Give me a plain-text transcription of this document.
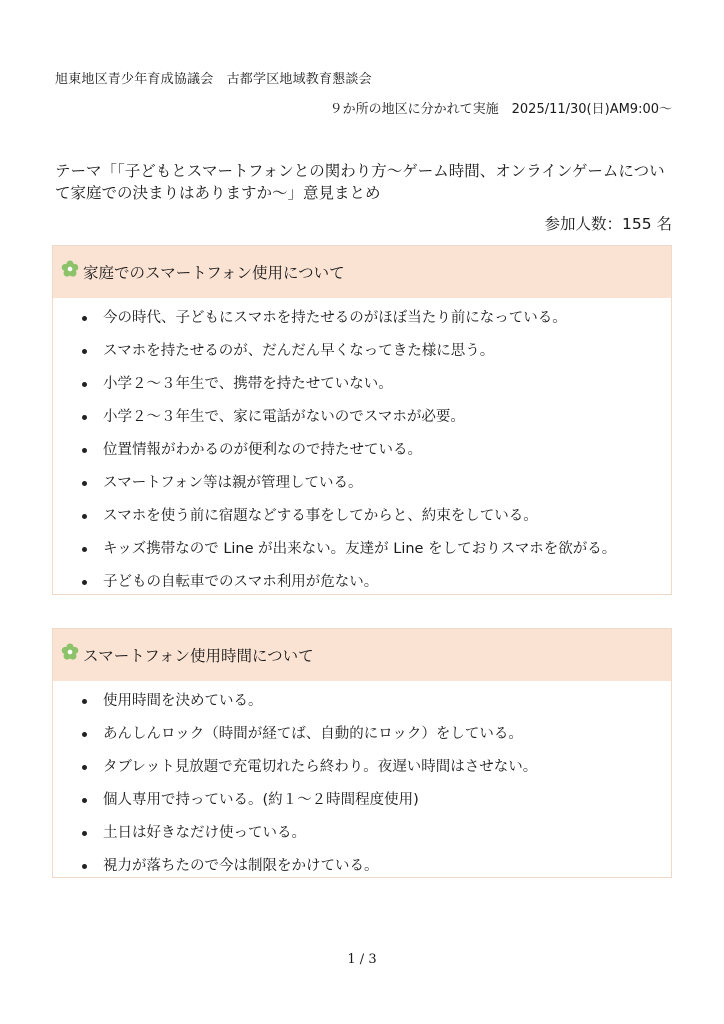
旭東地区青少年育成協議会　古都学区地域教育懇談会
９か所の地区に分かれて実施　2025/11/30(日)AM9:00～
テーマ「「子どもとスマートフォンとの関わり方～ゲーム時間、オンラインゲームについて家庭での決まりはありますか～」意見まとめ
参加人数：155 名
家庭でのスマートフォン使用について
今の時代、子どもにスマホを持たせるのがほぼ当たり前になっている。
スマホを持たせるのが、だんだん早くなってきた様に思う。
小学２～３年生で、携帯を持たせていない。
小学２～３年生で、家に電話がないのでスマホが必要。
位置情報がわかるのが便利なので持たせている。
スマートフォン等は親が管理している。
スマホを使う前に宿題などする事をしてからと、約束をしている。
キッズ携帯なので Line が出来ない。友達が Line をしておりスマホを欲がる。
子どもの自転車でのスマホ利用が危ない。
スマートフォン使用時間について
使用時間を決めている。
あんしんロック（時間が経てば、自動的にロック）をしている。
タブレット見放題で充電切れたら終わり。夜遅い時間はさせない。
個人専用で持っている。(約１～２時間程度使用)
土日は好きなだけ使っている。
視力が落ちたので今は制限をかけている。
1 / 3
